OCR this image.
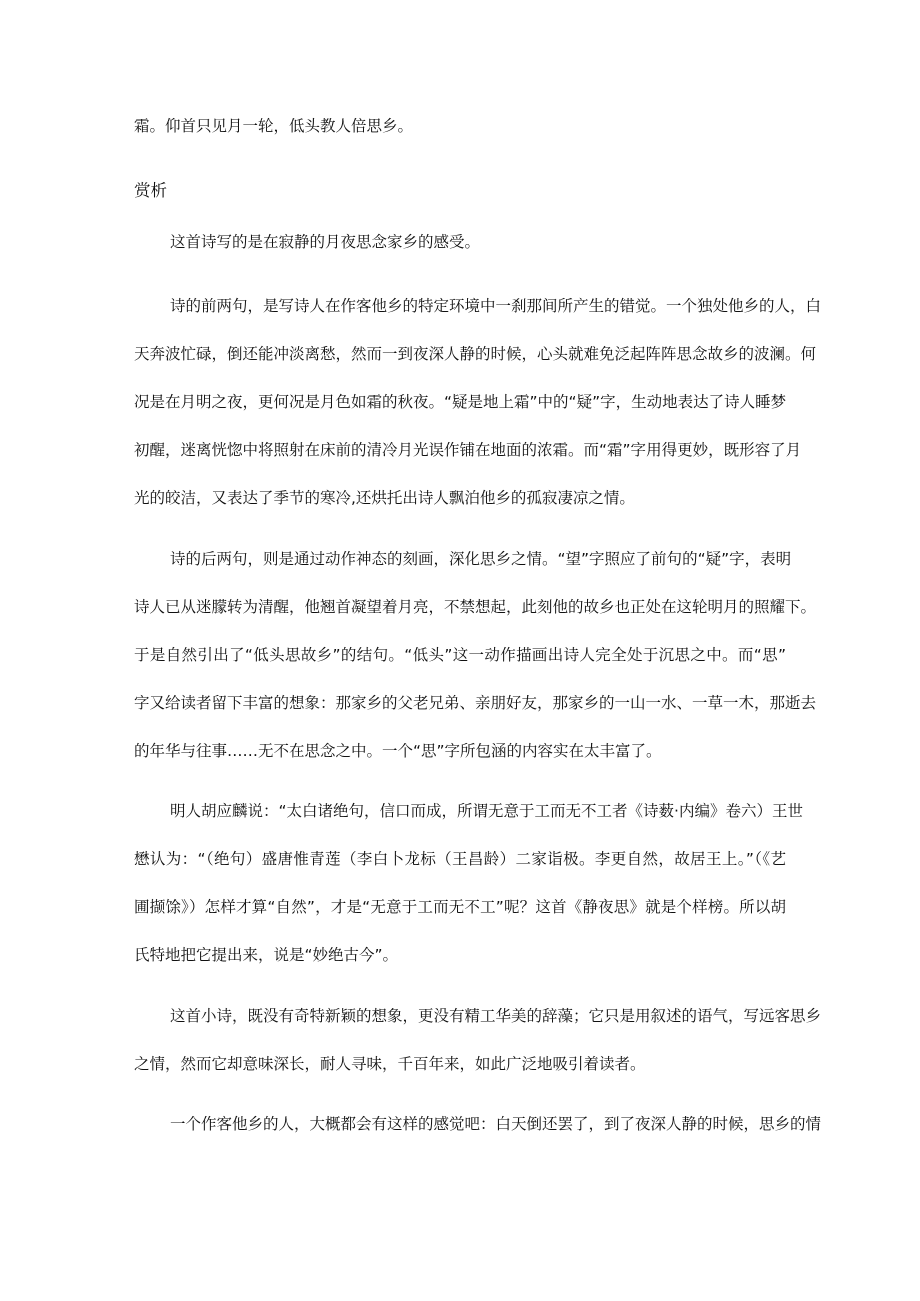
霜。仰首只见月一轮，低头教人倍思乡。
赏析
这首诗写的是在寂静的月夜思念家乡的感受。
诗的前两句，是写诗人在作客他乡的特定环境中一刹那间所产生的错觉。一个独处他乡的人，白
天奔波忙碌，倒还能冲淡离愁，然而一到夜深人静的时候，心头就难免泛起阵阵思念故乡的波澜。何
况是在月明之夜，更何况是月色如霜的秋夜。“疑是地上霜”中的“疑”字，生动地表达了诗人睡梦
初醒，迷离恍惚中将照射在床前的清冷月光误作铺在地面的浓霜。而“霜”字用得更妙，既形容了月
光的皎洁，又表达了季节的寒冷,还烘托出诗人飘泊他乡的孤寂凄凉之情。
诗的后两句，则是通过动作神态的刻画，深化思乡之情。“望”字照应了前句的“疑”字，表明
诗人已从迷朦转为清醒，他翘首凝望着月亮，不禁想起，此刻他的故乡也正处在这轮明月的照耀下。
于是自然引出了“低头思故乡”的结句。“低头”这一动作描画出诗人完全处于沉思之中。而“思”
字又给读者留下丰富的想象：那家乡的父老兄弟、亲朋好友，那家乡的一山一水、一草一木，那逝去
的年华与往事……无不在思念之中。一个“思”字所包涵的内容实在太丰富了。
明人胡应麟说：“太白诸绝句，信口而成，所谓无意于工而无不工者《诗薮·内编》卷六）王世
懋认为：“（绝句）盛唐惟青莲（李白卜龙标（王昌龄）二家诣极。李更自然，故居王上。”（《艺
圃撷馀》）怎样才算“自然”，才是“无意于工而无不工”呢？这首《静夜思》就是个样榜。所以胡
氏特地把它提出来，说是“妙绝古今”。
这首小诗，既没有奇特新颖的想象，更没有精工华美的辞藻；它只是用叙述的语气，写远客思乡
之情，然而它却意味深长，耐人寻味，千百年来，如此广泛地吸引着读者。
一个作客他乡的人，大概都会有这样的感觉吧：白天倒还罢了，到了夜深人静的时候，思乡的情
